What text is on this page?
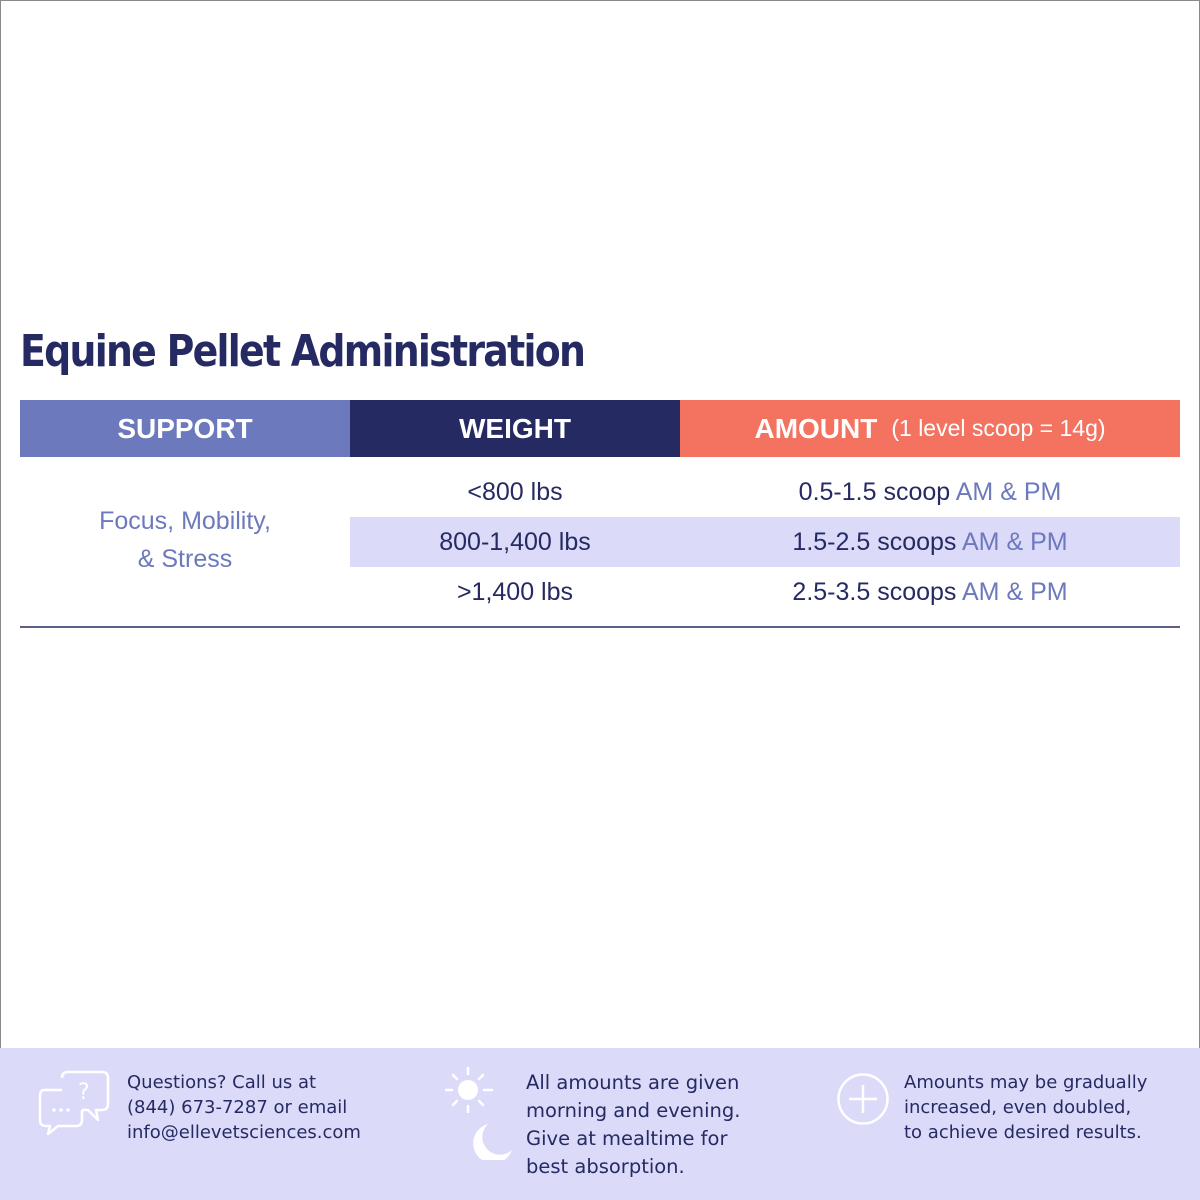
Equine Pellet Administration
SUPPORT	WEIGHT	AMOUNT (1 level scoop = 14g)
Focus, Mobility,
& Stress
<800 lbs	0.5-1.5 scoop AM & PM
800-1,400 lbs	1.5-2.5 scoops AM & PM
>1,400 lbs	2.5-3.5 scoops AM & PM
? Questions? Call us at
(844) 673-7287 or email
info@ellevetsciences.com
All amounts are given
morning and evening.
Give at mealtime for
best absorption.
Amounts may be gradually
increased, even doubled,
to achieve desired results.
